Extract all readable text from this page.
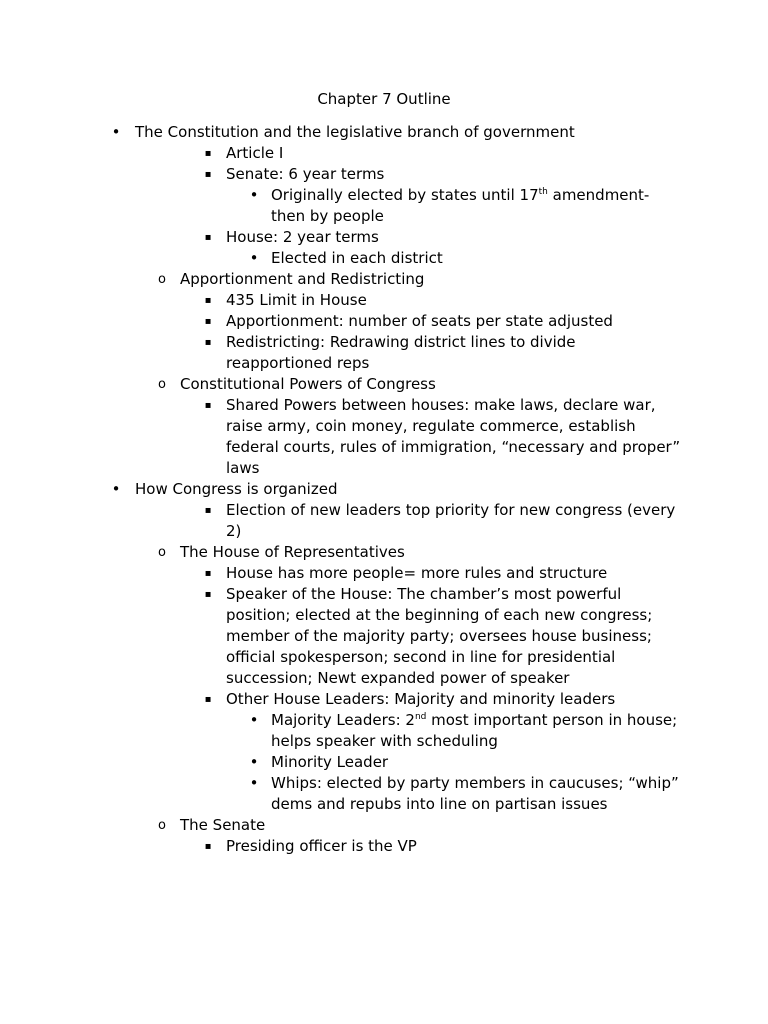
Chapter 7 Outline
• The Constitution and the legislative branch of government
▪ Article I
▪ Senate: 6 year terms
• Originally elected by states until 17th amendment- then by people
▪ House: 2 year terms
• Elected in each district
o Apportionment and Redistricting
▪ 435 Limit in House
▪ Apportionment: number of seats per state adjusted
▪ Redistricting: Redrawing district lines to divide reapportioned reps
o Constitutional Powers of Congress
▪ Shared Powers between houses: make laws, declare war, raise army, coin money, regulate commerce, establish federal courts, rules of immigration, “necessary and proper” laws
• How Congress is organized
▪ Election of new leaders top priority for new congress (every 2)
o The House of Representatives
▪ House has more people= more rules and structure
▪ Speaker of the House: The chamber’s most powerful position; elected at the beginning of each new congress; member of the majority party; oversees house business; official spokesperson; second in line for presidential succession; Newt expanded power of speaker
▪ Other House Leaders: Majority and minority leaders
• Majority Leaders: 2nd most important person in house; helps speaker with scheduling
• Minority Leader
• Whips: elected by party members in caucuses; “whip” dems and repubs into line on partisan issues
o The Senate
▪ Presiding officer is the VP
